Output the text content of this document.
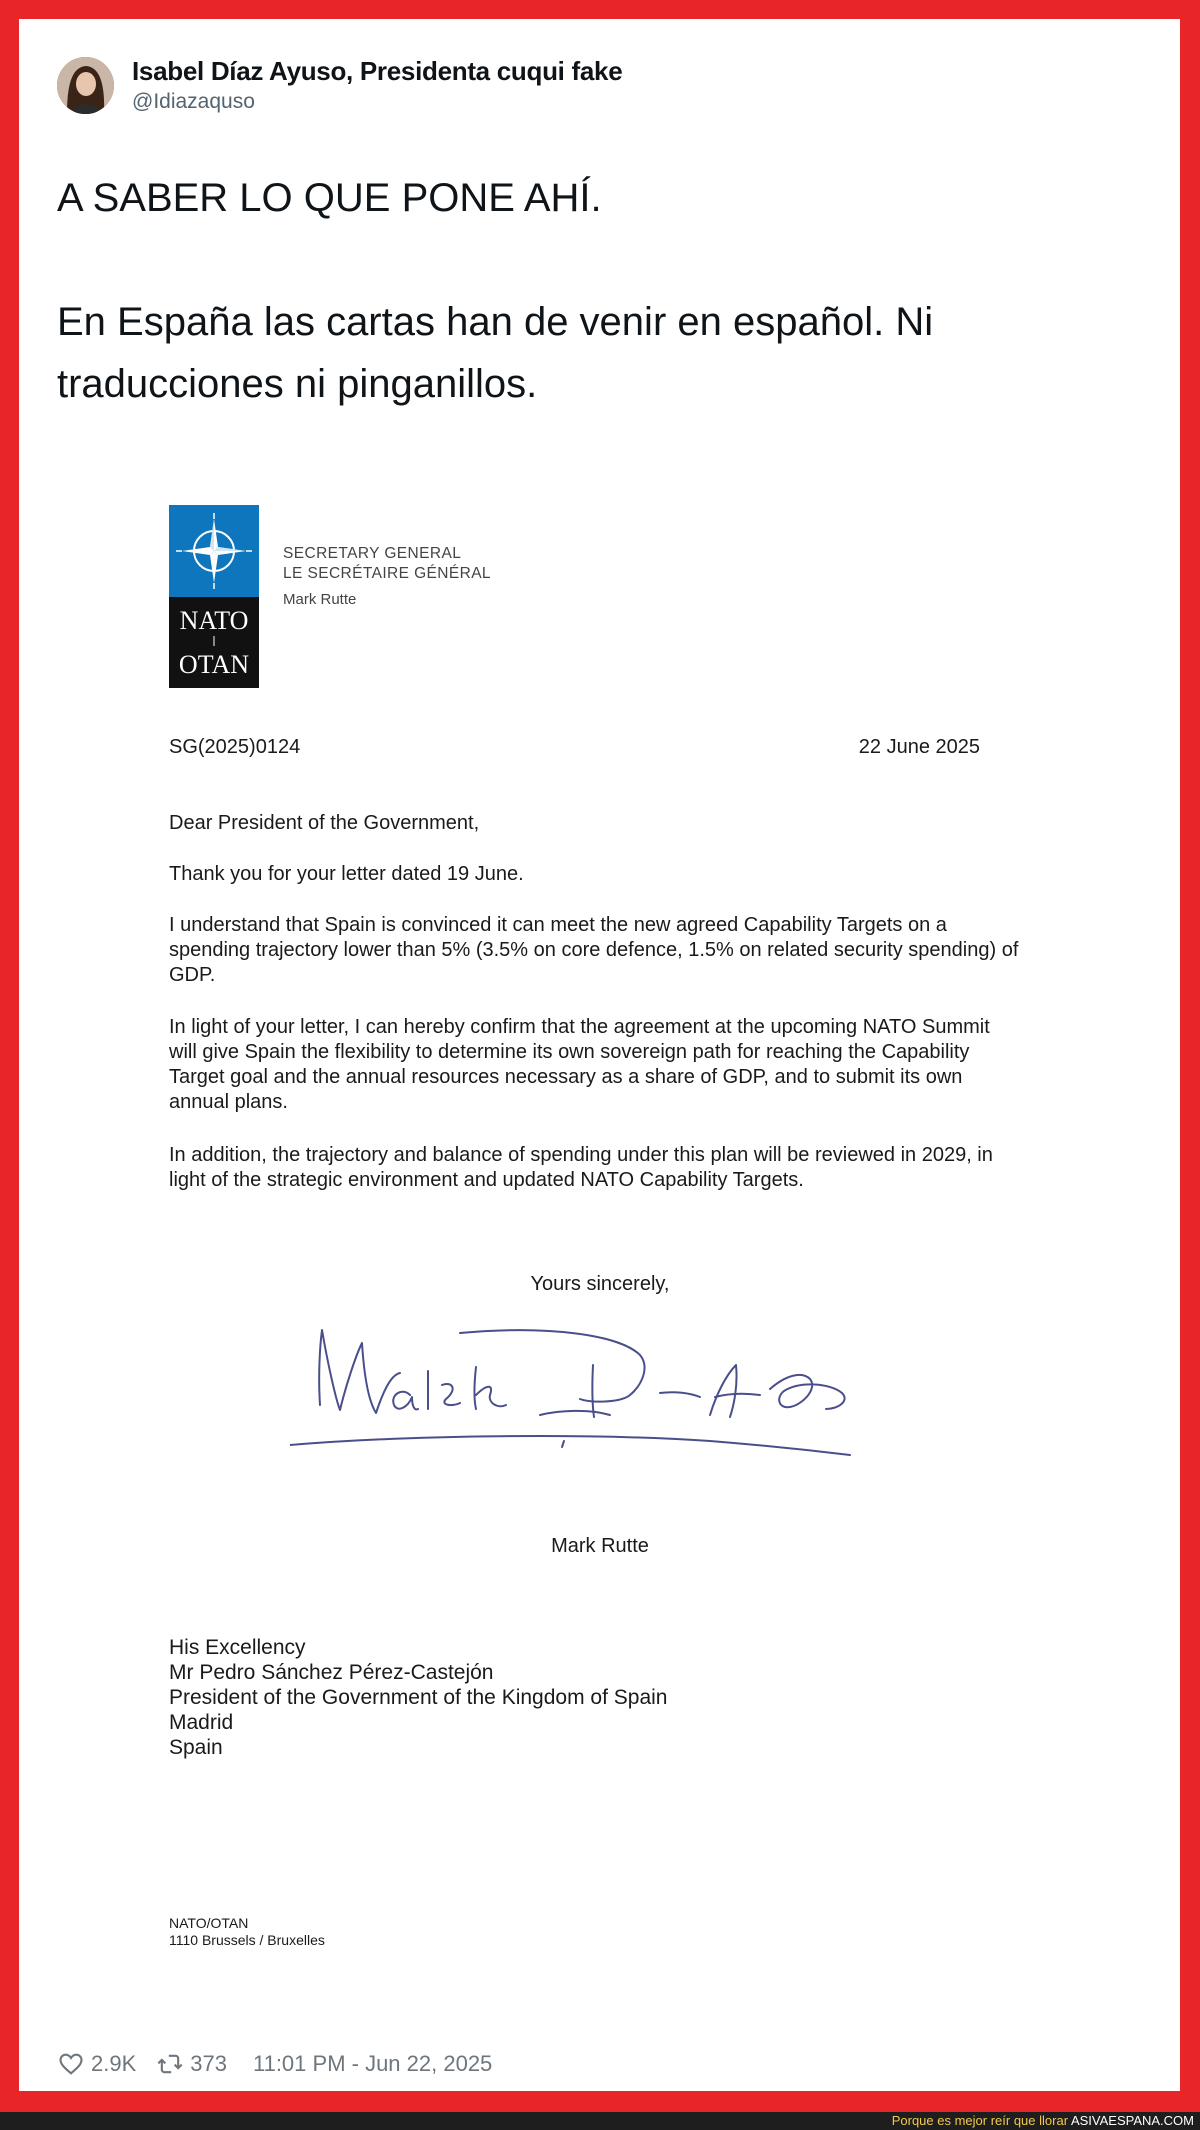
Isabel Díaz Ayuso, Presidenta cuqui fake
@Idiazaquso

A SABER LO QUE PONE AHÍ.

En España las cartas han de venir en español. Ni traducciones ni pinganillos.

2.9K 373 11:01 PM - Jun 22, 2025
NATO
OTAN
SECRETARY GENERAL
LE SECRÉTAIRE GÉNÉRAL
Mark Rutte
SG(2025)0124	22 June 2025

Dear President of the Government,

Thank you for your letter dated 19 June.

I understand that Spain is convinced it can meet the new agreed Capability Targets on a spending trajectory lower than 5% (3.5% on core defence, 1.5% on related security spending) of GDP.

In light of your letter, I can hereby confirm that the agreement at the upcoming NATO Summit will give Spain the flexibility to determine its own sovereign path for reaching the Capability Target goal and the annual resources necessary as a share of GDP, and to submit its own annual plans.

In addition, the trajectory and balance of spending under this plan will be reviewed in 2029, in light of the strategic environment and updated NATO Capability Targets.

Yours sincerely,
Mark Rutte
His Excellency
Mr Pedro Sánchez Pérez-Castejón
President of the Government of the Kingdom of Spain
Madrid
Spain
NATO/OTAN
1110 Brussels / Bruxelles
Porque es mejor reír que llorar ASIVAESPANA.COM
